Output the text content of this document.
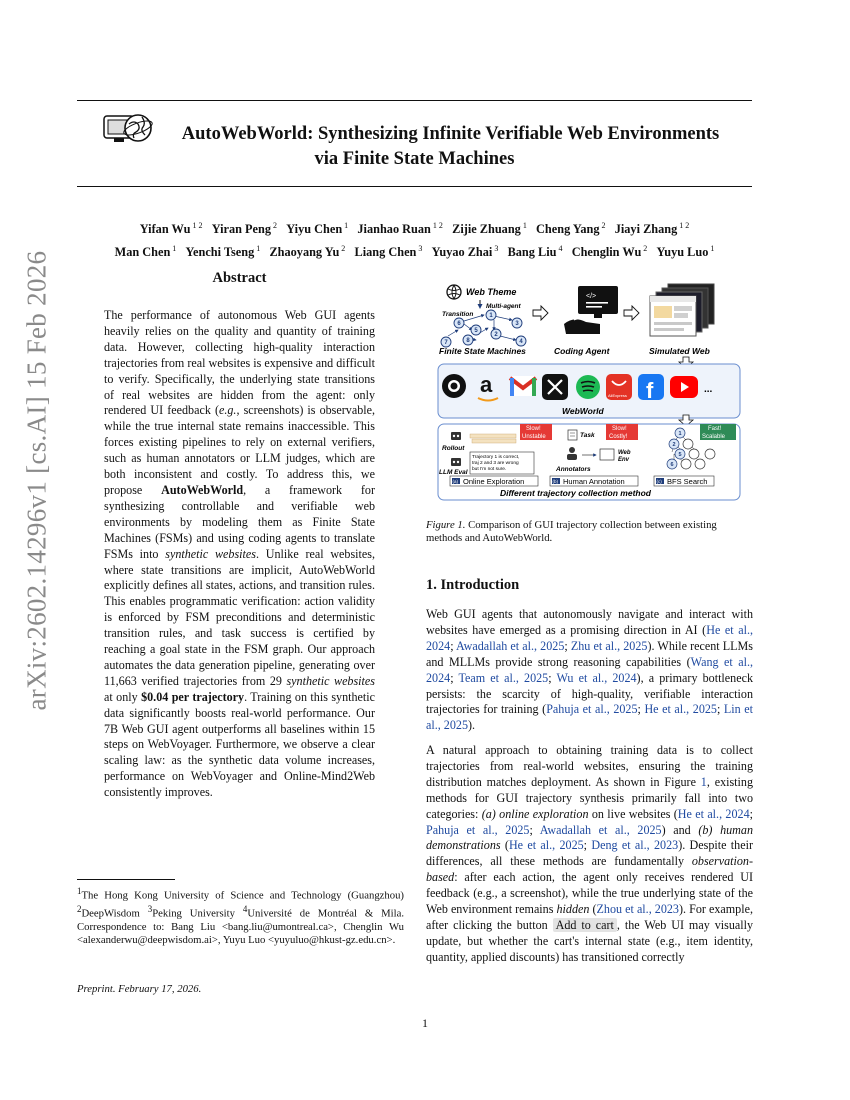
AutoWebWorld: Synthesizing Infinite Verifiable Web Environments
via Finite State Machines
Yifan Wu $^{1 2}$ Yiran Peng $^2$ Yiyu Chen $^1$ Jianhao Ruan $^{1 2}$ Zijie Zhuang $^1$ Cheng Yang $^2$ Jiayi Zhang $^{1 2}$
Man Chen $^1$ Yenchi Tseng $^1$ Zhaoyang Yu $^2$ Liang Chen $^3$ Yuyao Zhai $^3$ Bang Liu $^4$ Chenglin Wu $^2$ Yuyu Luo $^1$
arXiv:2602.14296v1 [cs.AI] 15 Feb 2026	Abstract
The performance of autonomous Web GUI agents heavily relies on the quality and quantity of training data. However, collecting high-quality interaction trajectories from real websites is expensive and difficult to verify. Specifically, the underlying state transitions of real websites are hidden from the agent: only rendered UI feedback (e.g., screenshots) is observable, while the true internal state remains inaccessible. This forces existing pipelines to rely on external verifiers, such as human annotators or LLM judges, which are both inconsistent and costly. To address this, we propose AutoWebWorld, a framework for synthesizing controllable and verifiable web environments by modeling them as Finite State Machines (FSMs) and using coding agents to translate FSMs into synthetic websites. Unlike real websites, where state transitions are implicit, AutoWebWorld explicitly defines all states, actions, and transition rules. This enables programmatic verification: action validity is enforced by FSM preconditions and deterministic transition rules, and task success is certified by reaching a goal state in the FSM graph. Our approach automates the data generation pipeline, generating over 11,663 verified trajectories from 29 synthetic websites at only $0.04 per trajectory. Training on this synthetic data significantly boosts real-world performance. Our 7B Web GUI agent outperforms all baselines within 15 steps on WebVoyager. Furthermore, we observe a clear scaling law: as the synthetic data volume increases, performance on WebVoyager and Online-Mind2Web consistently improves.
$^1$The Hong Kong University of Science and Technology (Guangzhou) $^2$DeepWisdom $^3$Peking University $^4$Université de Montréal & Mila. Correspondence to: Bang Liu <bang.liu@umontreal.ca>, Chenglin Wu <alexanderwu@deepwisdom.ai>, Yuyu Luo <yuyuluo@hkust-gz.edu.cn>.
Preprint. February 17, 2026.
Web Theme
Multi-agent
Transition	1
2
3
4
5
6
7	8
Finite State Machines
</>
Coding Agent	Simulated Web
a	AliExpress f	...
WebWorld
Rollout
Slow!
Unstable
LLM Eval
Trajectory 1 is correct,
traj 2 and 3 are wrong
but I'm not sure.
Task
Slow!
Costly!
Web
Env
Annotators
Fast!
Scalable
1
2
5
6
(a) Online Exploration	(b) Human Annotation	(c) BFS Search
Different trajectory collection method
Figure 1. Comparison of GUI trajectory collection between existing methods and AutoWebWorld.
1. Introduction
Web GUI agents that autonomously navigate and interact with websites have emerged as a promising direction in AI (He et al., 2024; Awadallah et al., 2025; Zhu et al., 2025). While recent LLMs and MLLMs provide strong reasoning capabilities (Wang et al., 2024; Team et al., 2025; Wu et al., 2024), a primary bottleneck persists: the scarcity of high-quality, verifiable interaction trajectories for training (Pahuja et al., 2025; He et al., 2025; Lin et al., 2025).
A natural approach to obtaining training data is to collect trajectories from real-world websites, ensuring the training distribution matches deployment. As shown in Figure 1, existing methods for GUI trajectory synthesis primarily fall into two categories: (a) online exploration on live websites (He et al., 2024; Pahuja et al., 2025; Awadallah et al., 2025) and (b) human demonstrations (He et al., 2025; Deng et al., 2023). Despite their differences, all these methods are fundamentally observation-based: after each action, the agent only receives rendered UI feedback (e.g., a screenshot), while the true underlying state of the Web environment remains hidden (Zhou et al., 2023). For example, after clicking the button Add to cart , the Web UI may visually update, but whether the cart's internal state (e.g., item identity, quantity, applied discounts) has transitioned correctly
1
